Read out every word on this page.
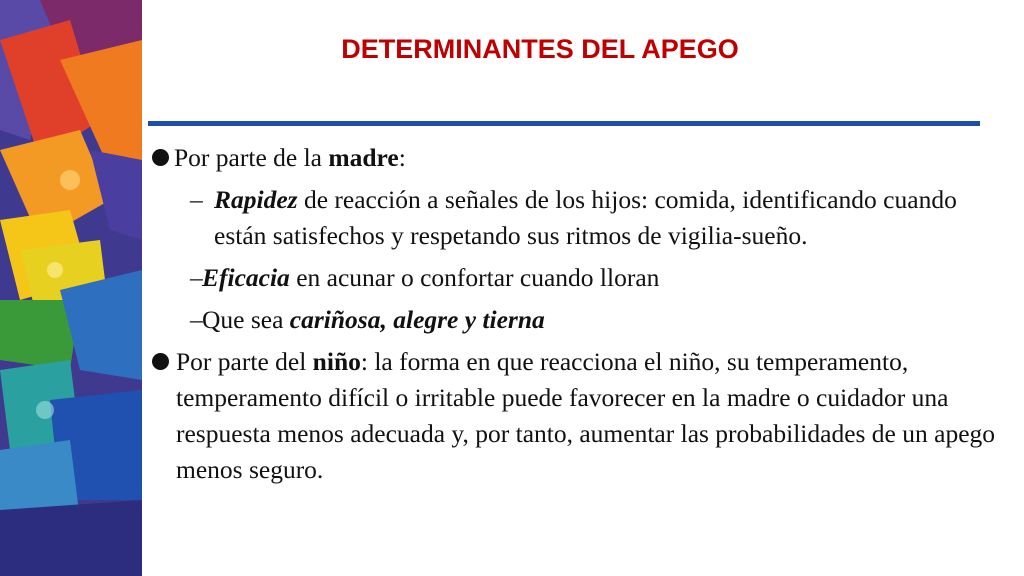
DETERMINANTES DEL APEGO
Por parte de la madre:
– Rapidez de reacción a señales de los hijos: comida, identificando cuando están satisfechos y respetando sus ritmos de vigilia-sueño.
– Eficacia en acunar o confortar cuando lloran
– Que sea cariñosa, alegre y tierna
Por parte del niño: la forma en que reacciona el niño, su temperamento, temperamento difícil o irritable puede favorecer en la madre o cuidador una respuesta menos adecuada y, por tanto, aumentar las probabilidades de un apego menos seguro.
